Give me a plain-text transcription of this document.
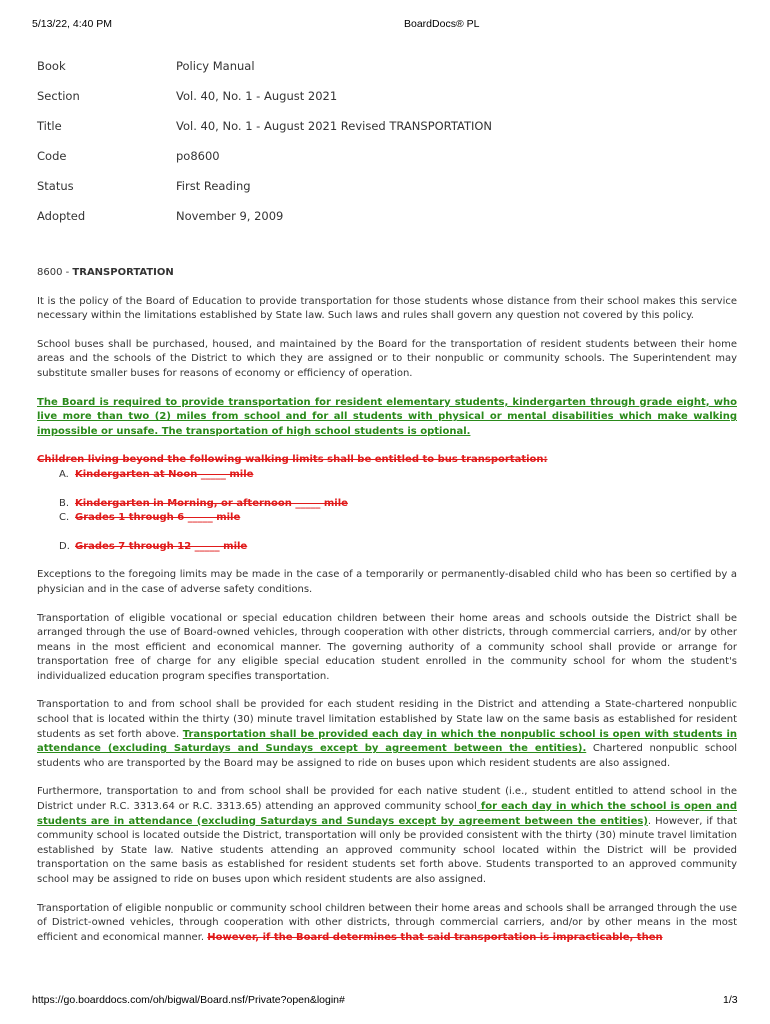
5/13/22, 4:40 PM	BoardDocs® PL
Book	Policy Manual
Section	Vol. 40, No. 1 - August 2021
Title	Vol. 40, No. 1 - August 2021 Revised TRANSPORTATION
Code	po8600
Status	First Reading
Adopted	November 9, 2009
8600 - TRANSPORTATION

It is the policy of the Board of Education to provide transportation for those students whose distance from their school makes this service necessary within the limitations established by State law. Such laws and rules shall govern any question not covered by this policy.

School buses shall be purchased, housed, and maintained by the Board for the transportation of resident students between their home areas and the schools of the District to which they are assigned or to their nonpublic or community schools. The Superintendent may substitute smaller buses for reasons of economy or efficiency of operation.

The Board is required to provide transportation for resident elementary students, kindergarten through grade eight, who live more than two (2) miles from school and for all students with physical or mental disabilities which make walking impossible or unsafe. The transportation of high school students is optional.

Children living beyond the following walking limits shall be entitled to bus transportation:
A. Kindergarten at Noon _____ mile
B. Kindergarten in Morning, or afternoon _____ mile
C. Grades 1 through 6 _____ mile
D. Grades 7 through 12 _____ mile

Exceptions to the foregoing limits may be made in the case of a temporarily or permanently-disabled child who has been so certified by a physician and in the case of adverse safety conditions.

Transportation of eligible vocational or special education children between their home areas and schools outside the District shall be arranged through the use of Board-owned vehicles, through cooperation with other districts, through commercial carriers, and/or by other means in the most efficient and economical manner. The governing authority of a community school shall provide or arrange for transportation free of charge for any eligible special education student enrolled in the community school for whom the student's individualized education program specifies transportation.

Transportation to and from school shall be provided for each student residing in the District and attending a State-chartered nonpublic school that is located within the thirty (30) minute travel limitation established by State law on the same basis as established for resident students as set forth above. Transportation shall be provided each day in which the nonpublic school is open with students in attendance (excluding Saturdays and Sundays except by agreement between the entities). Chartered nonpublic school students who are transported by the Board may be assigned to ride on buses upon which resident students are also assigned.

Furthermore, transportation to and from school shall be provided for each native student (i.e., student entitled to attend school in the District under R.C. 3313.64 or R.C. 3313.65) attending an approved community school for each day in which the school is open and students are in attendance (excluding Saturdays and Sundays except by agreement between the entities). However, if that community school is located outside the District, transportation will only be provided consistent with the thirty (30) minute travel limitation established by State law. Native students attending an approved community school located within the District will be provided transportation on the same basis as established for resident students set forth above. Students transported to an approved community school may be assigned to ride on buses upon which resident students are also assigned.

Transportation of eligible nonpublic or community school children between their home areas and schools shall be arranged through the use of District-owned vehicles, through cooperation with other districts, through commercial carriers, and/or by other means in the most efficient and economical manner. However, if the Board determines that said transportation is impracticable, then

https://go.boarddocs.com/oh/bigwal/Board.nsf/Private?open&login#	1/3
